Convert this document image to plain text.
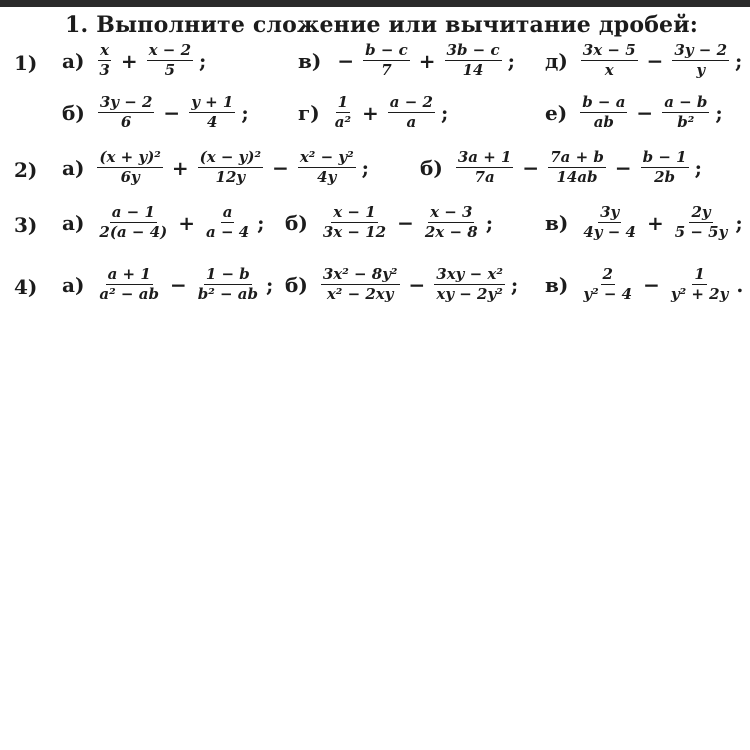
1. Выполните сложение или вычитание дробей:
1) $а) \frac{x}{3} + \frac{x - 2}{5}$ ;	$в) - \frac{b - c}{7} + \frac{3b - c}{14}$ ; $д) \frac{3x - 5}{x} - \frac{3y - 2}{y}$ ;
$б) \frac{3y - 2}{6} - \frac{y + 1}{4}$ ; $г) \frac{1}{\text{a²}} + \frac{a - 2}{a}$ ;	$е) \frac{b - a}{ab} - \frac{a - b}{\text{b²}}$ ;
2) $а) \frac{\text{(x + y)²}}{6y} + \frac{\text{(x − y)²}}{12y} - \frac{\text{x² − y²}}{4y}$ ;	$б) \frac{3a + 1}{7a} - \frac{7a + b}{14ab} - \frac{b - 1}{2b}$ ;
3) $а) \frac{a - 1}{2(a - 4)} + \frac{a}{a - 4}$ ; $б) \frac{x - 1}{3x - 12} - \frac{x - 3}{2x - 8}$ ;	$в) \frac{3y}{4y - 4} + \frac{2y}{5 - 5y}$ ;
4) $а) \frac{a + 1}{\text{a² − ab}} - \frac{1 - b}{\text{b² − ab}}$ ; $б) \frac{\text{3x² − 8y²}}{\text{x² − 2xy}} - \frac{\text{3xy − x²}}{\text{xy − 2y²}}$ ; $в) \frac{2}{\text{y² − 4}} - \frac{1}{\text{y² + 2y}}$ .
